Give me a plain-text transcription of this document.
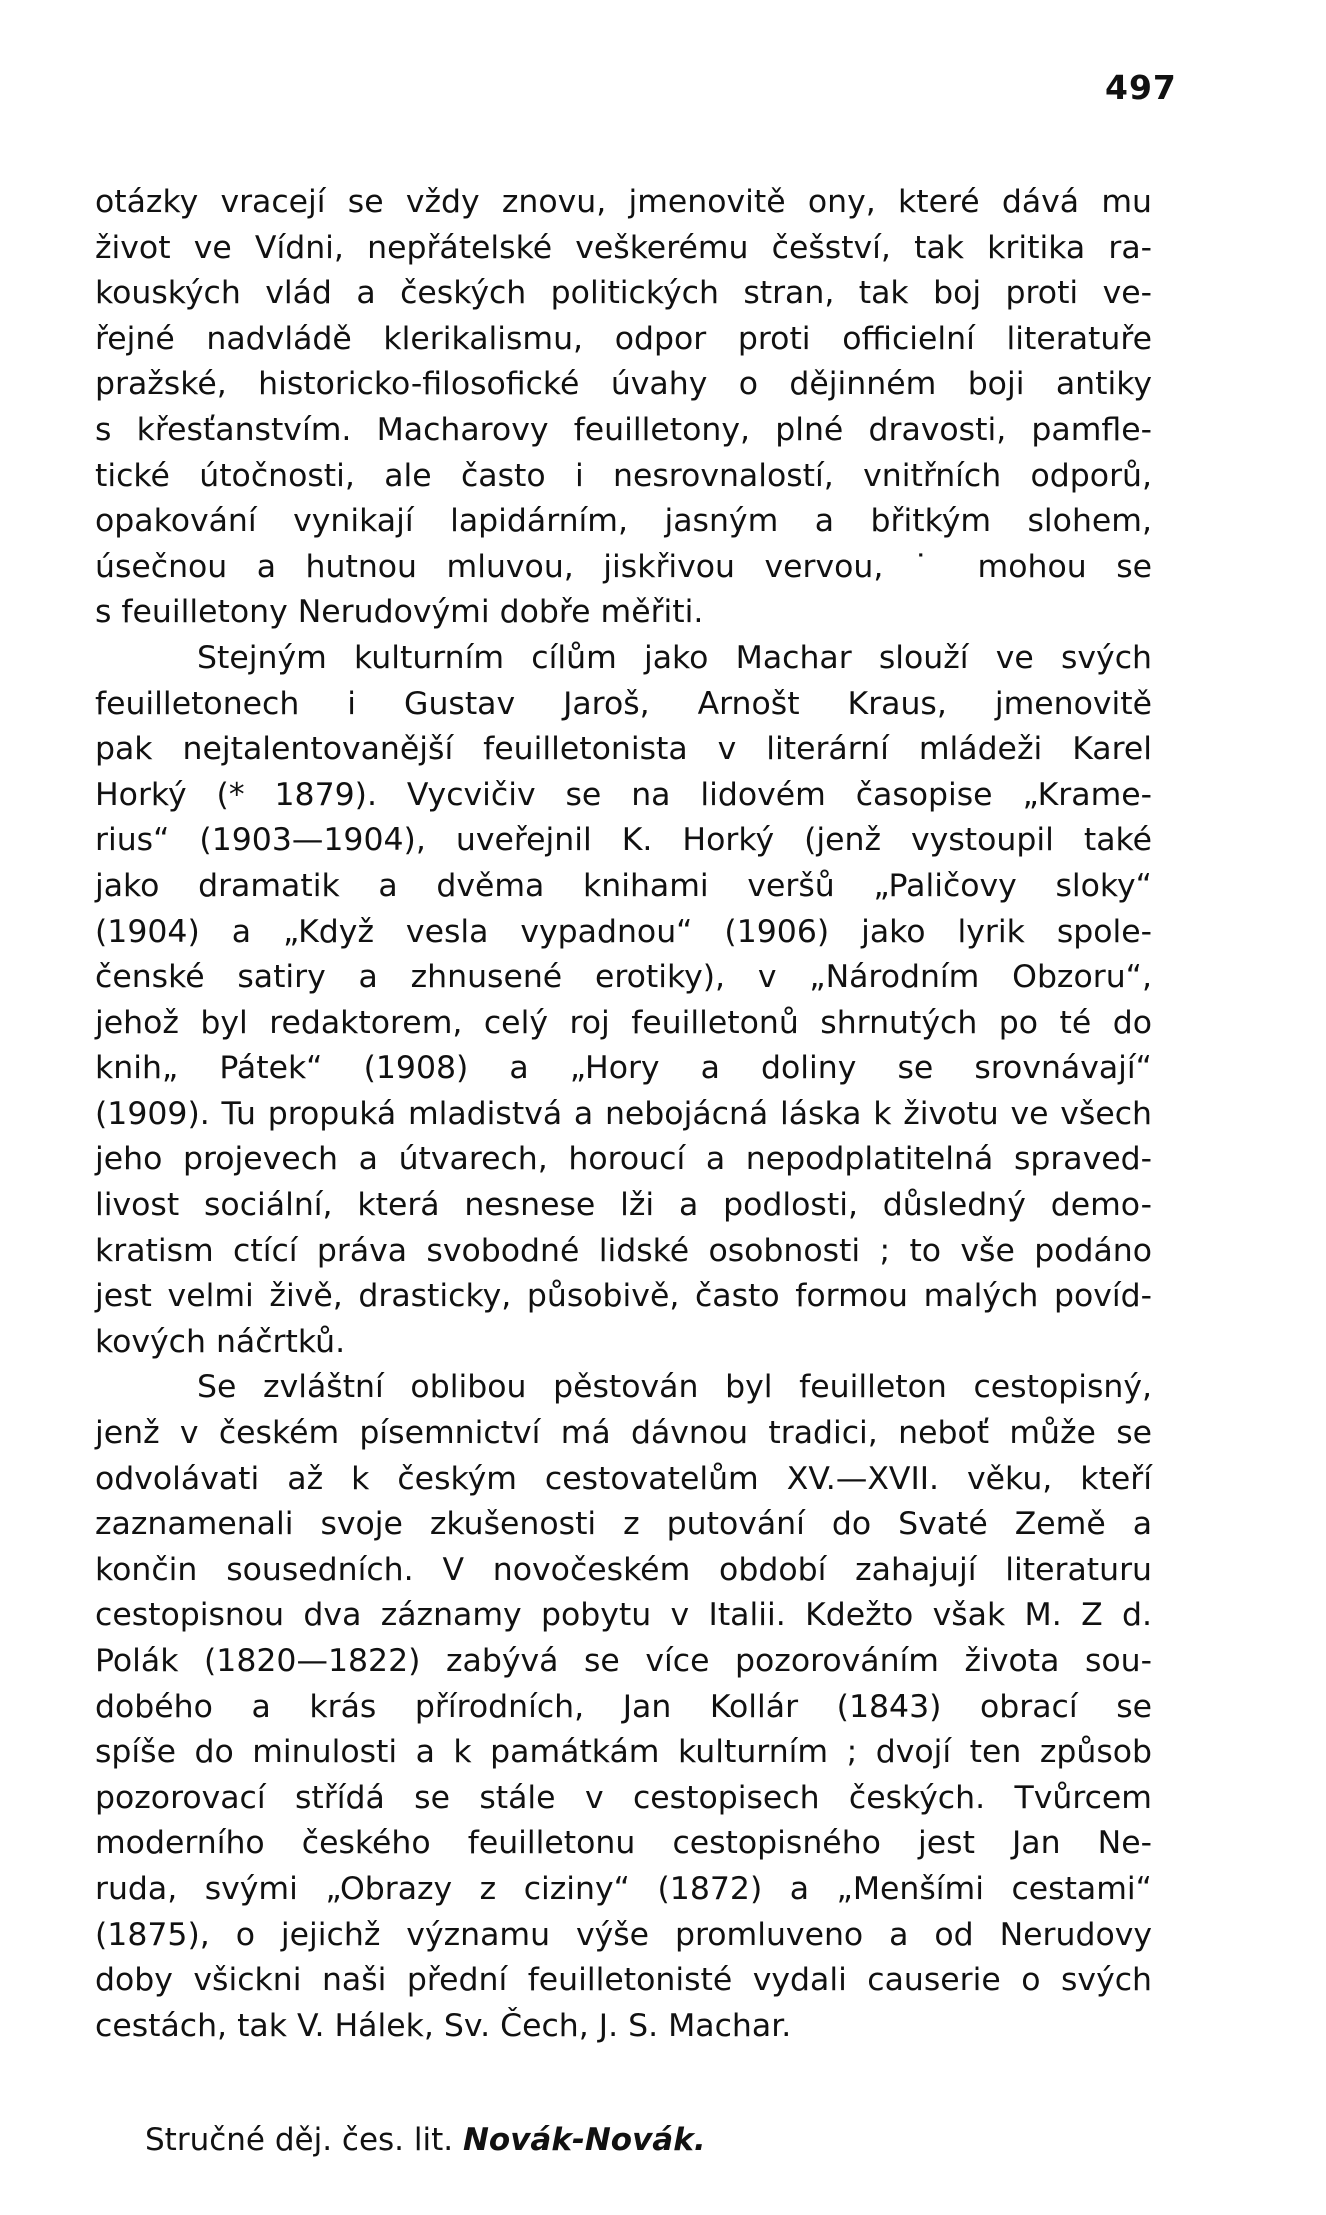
497
otázky vracejí se vždy znovu, jmenovitě ony, které dává mu
život ve Vídni, nepřátelské veškerému češství, tak kritika ra-
kouských vlád a českých politických stran, tak boj proti ve-
řejné nadvládě klerikalismu, odpor proti officielní literatuře
pražské, historicko-filosofické úvahy o dějinném boji antiky
s křesťanstvím. Macharovy feuilletony, plné dravosti, pamfle-
tické útočnosti, ale často i nesrovnalostí, vnitřních odporů,
opakování vynikají lapidárním, jasným a břitkým slohem,
úsečnou a hutnou mluvou, jiskřivou vervou, ˙ mohou se
s feuilletony Nerudovými dobře měřiti.
Stejným kulturním cílům jako Machar slouží ve svých
feuilletonech i Gustav Jaroš, Arnošt Kraus, jmenovitě
pak nejtalentovanější feuilletonista v literární mládeži Karel
Horký (* 1879). Vycvičiv se na lidovém časopise „Krame-
rius“ (1903—1904), uveřejnil K. Horký (jenž vystoupil také
jako dramatik a dvěma knihami veršů „Paličovy sloky“
(1904) a „Když vesla vypadnou“ (1906) jako lyrik spole-
čenské satiry a zhnusené erotiky), v „Národním Obzoru“,
jehož byl redaktorem, celý roj feuilletonů shrnutých po té do
knih„ Pátek“ (1908) a „Hory a doliny se srovnávají“
(1909). Tu propuká mladistvá a nebojácná láska k životu ve všech
jeho projevech a útvarech, horoucí a nepodplatitelná spraved-
livost sociální, která nesnese lži a podlosti, důsledný demo-
kratism ctící práva svobodné lidské osobnosti ; to vše podáno
jest velmi živě, drasticky, působivě, často formou malých povíd-
kových náčrtků.
Se zvláštní oblibou pěstován byl feuilleton cestopisný,
jenž v českém písemnictví má dávnou tradici, neboť může se
odvolávati až k českým cestovatelům XV.—XVII. věku, kteří
zaznamenali svoje zkušenosti z putování do Svaté Země a
končin sousedních. V novočeském období zahajují literaturu
cestopisnou dva záznamy pobytu v Italii. Kdežto však M. Z d.
Polák (1820—1822) zabývá se více pozorováním života sou-
dobého a krás přírodních, Jan Kollár (1843) obrací se
spíše do minulosti a k památkám kulturním ; dvojí ten způsob
pozorovací střídá se stále v cestopisech českých. Tvůrcem
moderního českého feuilletonu cestopisného jest Jan Ne-
ruda, svými „Obrazy z ciziny“ (1872) a „Menšími cestami“
(1875), o jejichž významu výše promluveno a od Nerudovy
doby všickni naši přední feuilletonisté vydali causerie o svých
cestách, tak V. Hálek, Sv. Čech, J. S. Machar.
Stručné děj. čes. lit. Novák-Novák.
